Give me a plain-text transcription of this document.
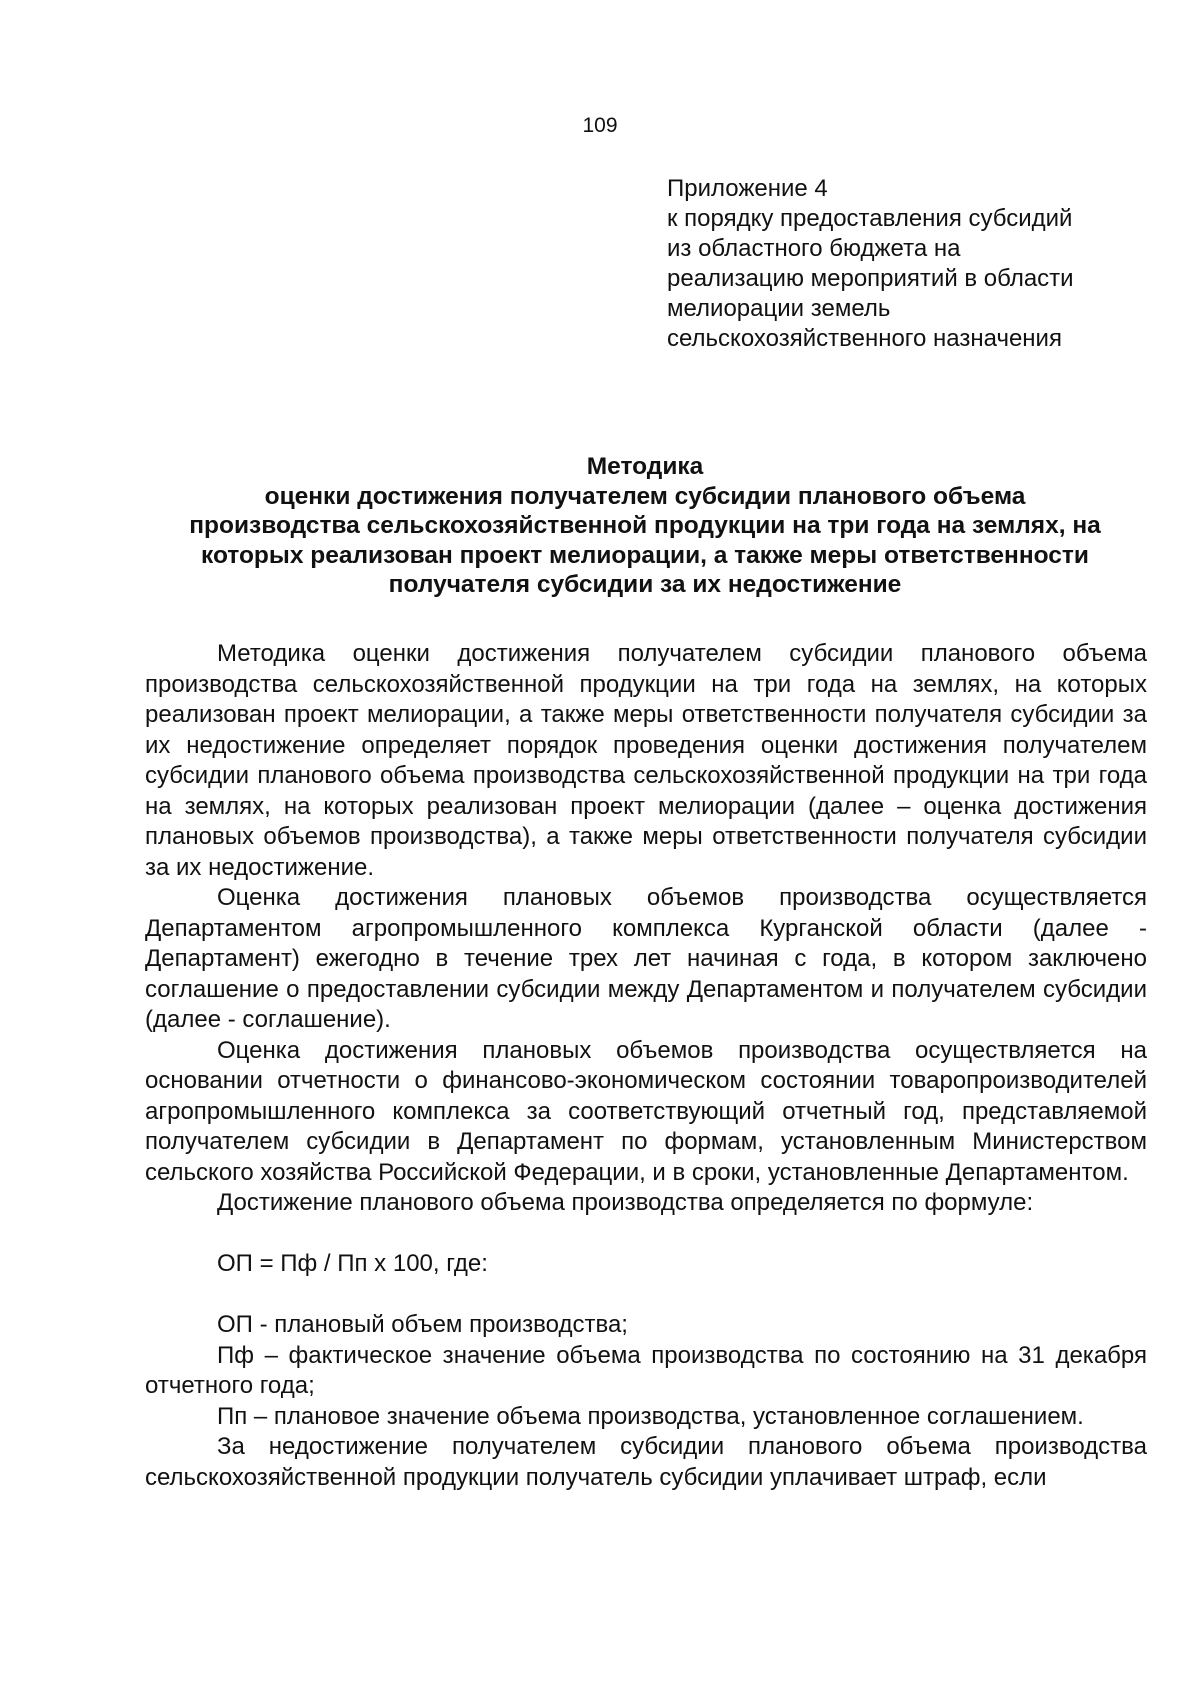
109
Приложение 4
к порядку предоставления субсидий
из областного бюджета на
реализацию мероприятий в области
мелиорации земель
сельскохозяйственного назначения
Методика
оценки достижения получателем субсидии планового объема
производства сельскохозяйственной продукции на три года на землях, на
которых реализован проект мелиорации, а также меры ответственности
получателя субсидии за их недостижение

Методика оценки достижения получателем субсидии планового объема производства сельскохозяйственной продукции на три года на землях, на которых реализован проект мелиорации, а также меры ответственности получателя субсидии за их недостижение определяет порядок проведения оценки достижения получателем субсидии планового объема производства сельскохозяйственной продукции на три года на землях, на которых реализован проект мелиорации (далее – оценка достижения плановых объемов производства), а также меры ответственности получателя субсидии за их недостижение.

Оценка достижения плановых объемов производства осуществляется Департаментом агропромышленного комплекса Курганской области (далее - Департамент) ежегодно в течение трех лет начиная с года, в котором заключено соглашение о предоставлении субсидии между Департаментом и получателем субсидии (далее - соглашение).

Оценка достижения плановых объемов производства осуществляется на основании отчетности о финансово-экономическом состоянии товаропроизводителей агропромышленного комплекса за соответствующий отчетный год, представляемой получателем субсидии в Департамент по формам, установленным Министерством сельского хозяйства Российской Федерации, и в сроки, установленные Департаментом.

Достижение планового объема производства определяется по формуле:

ОП = Пф / Пп х 100, где:

ОП - плановый объем производства;

Пф – фактическое значение объема производства по состоянию на 31 декабря отчетного года;

Пп – плановое значение объема производства, установленное соглашением.

За недостижение получателем субсидии планового объема производства сельскохозяйственной продукции получатель субсидии уплачивает штраф, если
